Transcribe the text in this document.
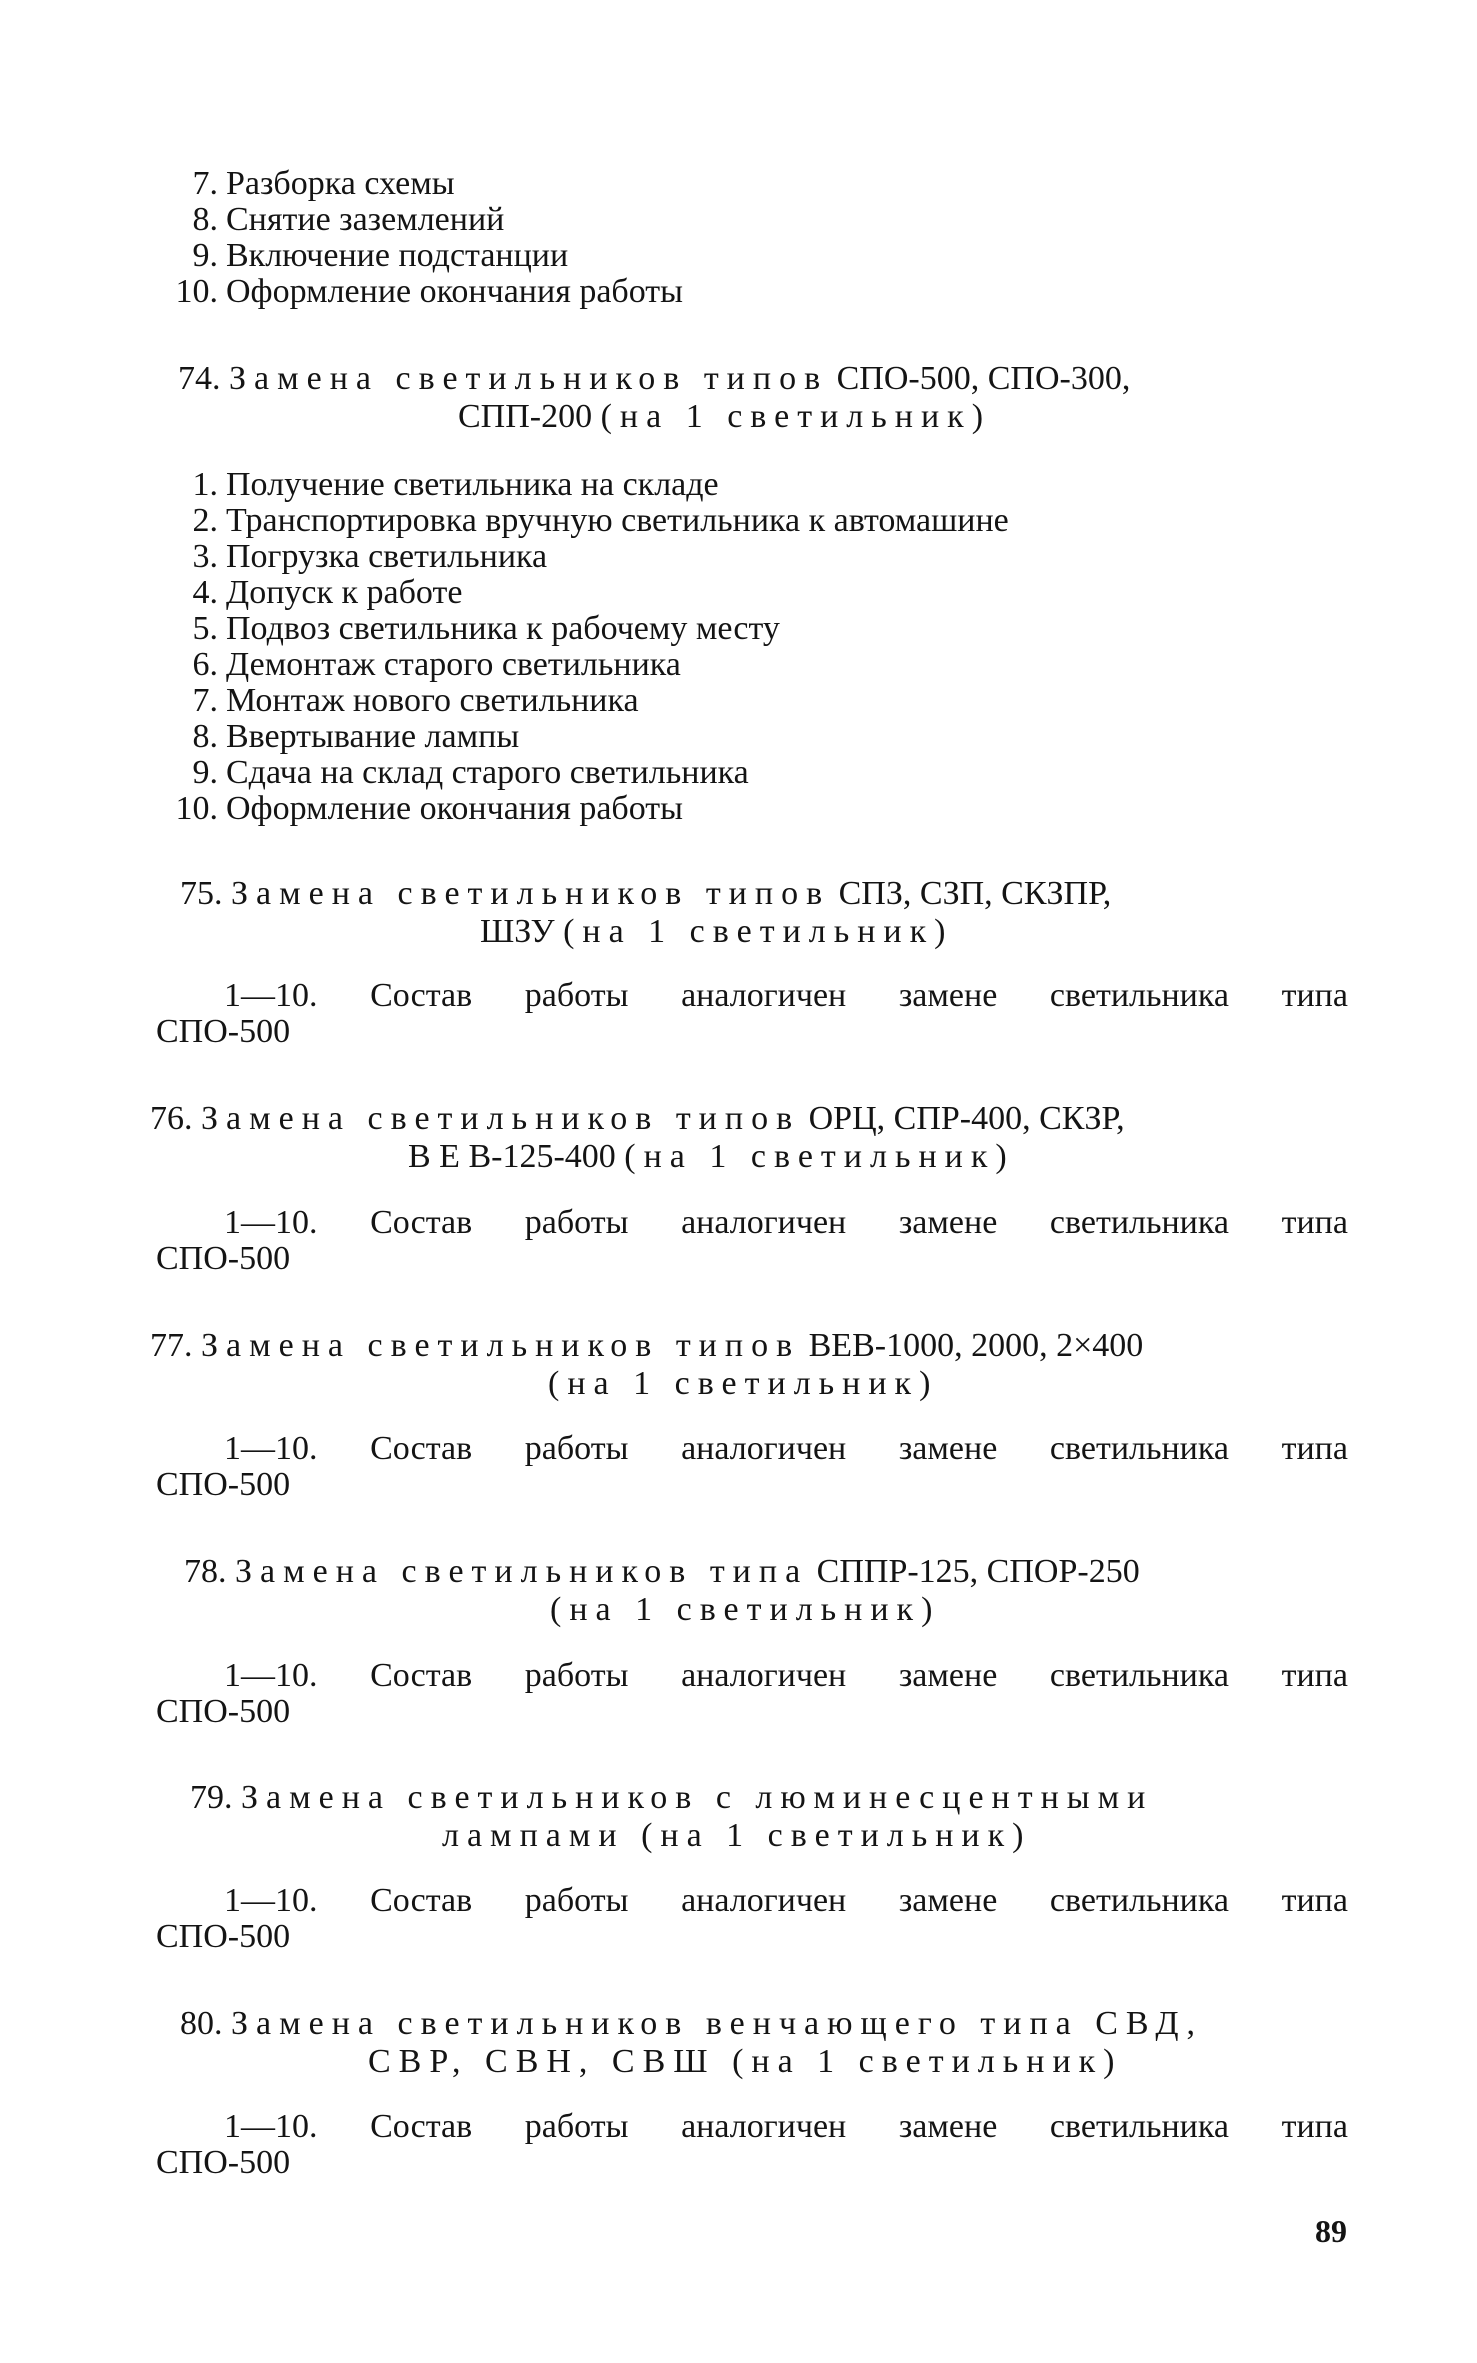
7. Разборка схемы
8. Снятие заземлений
9. Включение подстанции
10. Оформление окончания работы
74. Замена светильников типов СПО-500, СПО-300,
СПП-200 (на 1 светильник)
1. Получение светильника на складе
2. Транспортировка вручную светильника к автомашине
3. Погрузка светильника
4. Допуск к работе
5. Подвоз светильника к рабочему месту
6. Демонтаж старого светильника
7. Монтаж нового светильника
8. Ввертывание лампы
9. Сдача на склад старого светильника
10. Оформление окончания работы
75. Замена светильников типов СПЗ, СЗП, СКЗПР,
ШЗУ (на 1 светильник)
1—10. Состав работы аналогичен замене светильника типа
СПО-500
76. Замена светильников типов ОРЦ, СПР-400, СКЗР,
В Е В-125-400 (на 1 светильник)
1—10. Состав работы аналогичен замене светильника типа
СПО-500
77. Замена светильников типов ВЕВ-1000, 2000, 2×400
(на 1 светильник)
1—10. Состав работы аналогичен замене светильника типа
СПО-500
78. Замена светильников типа СППР-125, СПОР-250
(на 1 светильник)
1—10. Состав работы аналогичен замене светильника типа
СПО-500
79. Замена светильников с люминесцентными
лампами (на 1 светильник)
1—10. Состав работы аналогичен замене светильника типа
СПО-500
80. Замена светильников венчающего типа СВД,
СВР, СВН, СВШ (на 1 светильник)
1—10. Состав работы аналогичен замене светильника типа
СПО-500
89
